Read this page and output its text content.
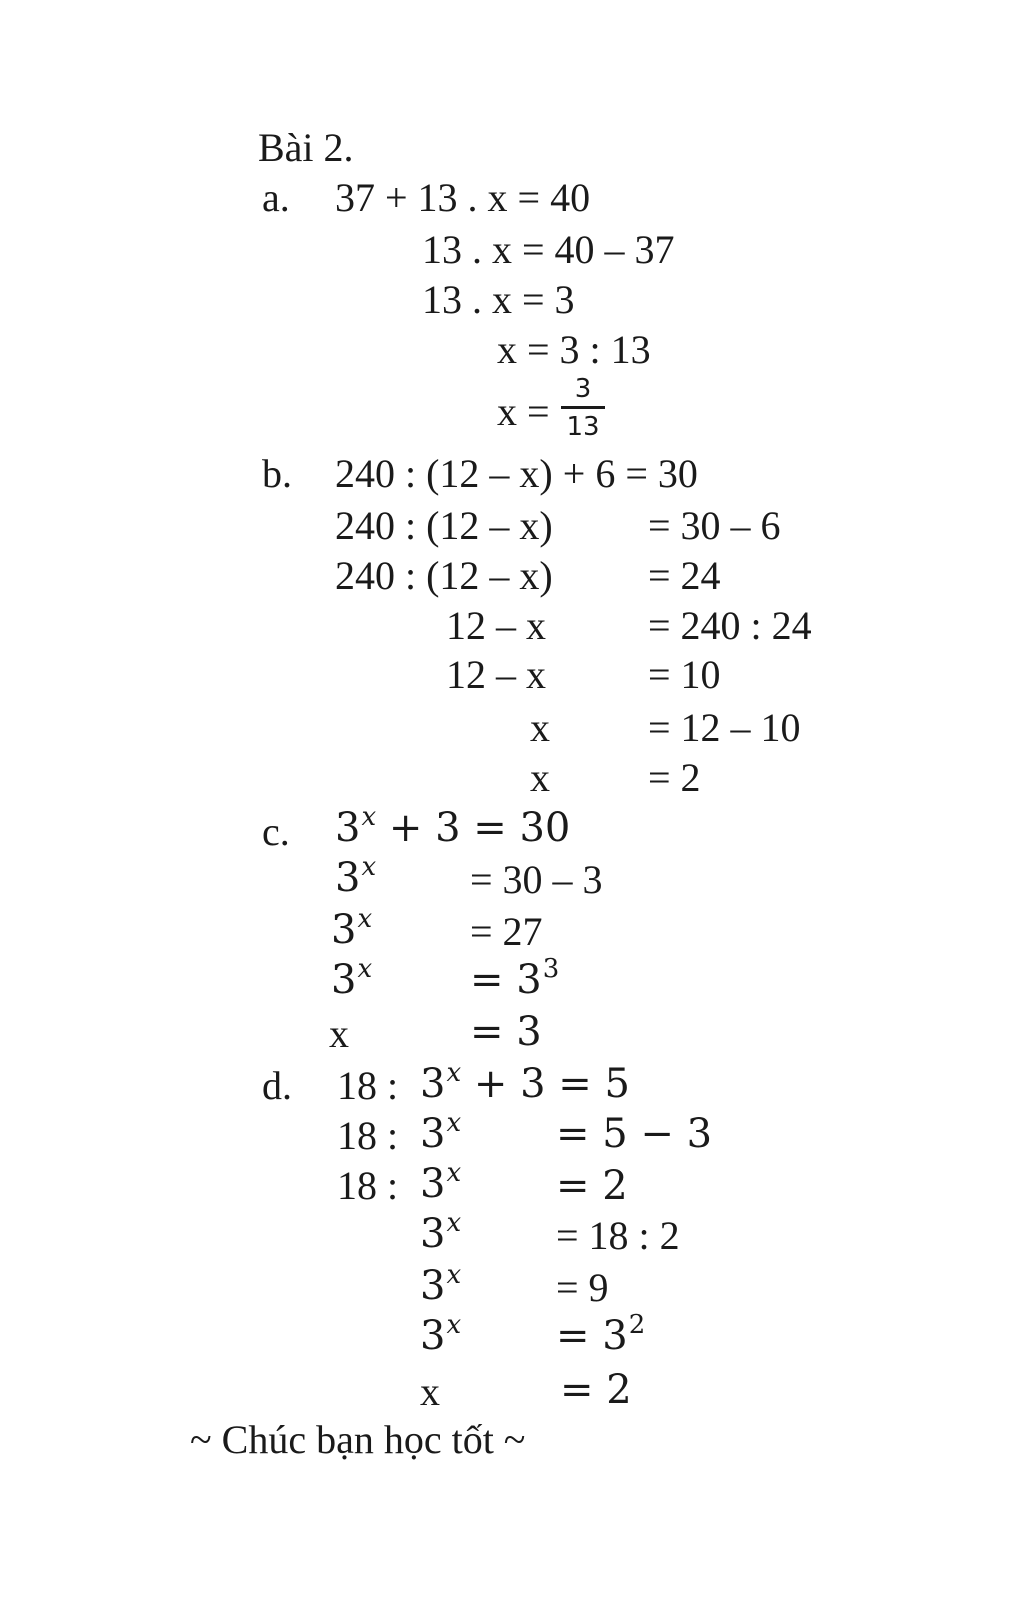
Bài 2.
a. 37 + 13 . x = 40
13 . x = 40 – 37
13 . x = 3
x = 3 : 13
x = 3
13
b. 240 : (12 – x) + 6 = 30
240 : (12 – x) = 30 – 6
240 : (12 – x) = 24
12 – x	= 240 : 24
12 – x	= 10
x = 12 – 10
x = 2
c. $3^x + 3 = 30$
$3^x = 30 - 3$
$3^x = 27$
$3^x = 3^3$
x	= 3
d. 18 : $3^x + 3 = 5$
18 : $3^x = 5 - 3$
18 : $3^x = 2$
$3^x = 18$ : 2
$3^x = 9$
$3^x = 3^2$
x	= 2
~ Chúc bạn học tốt ~
